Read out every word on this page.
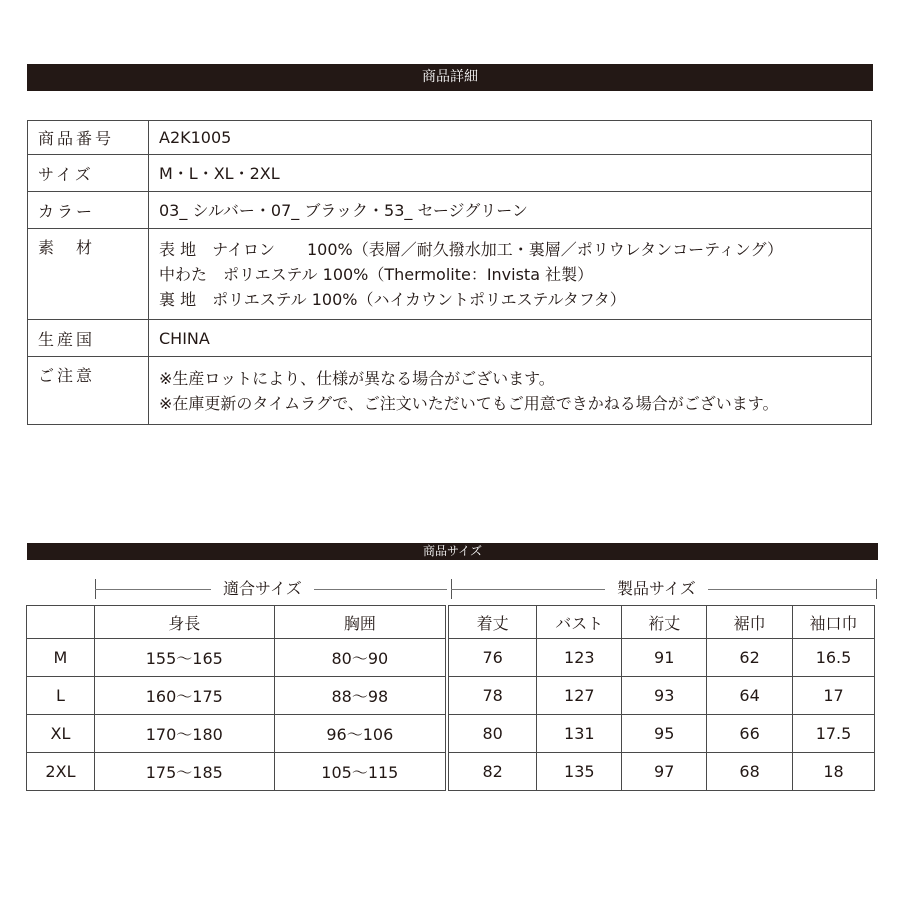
商品詳細
商品番号	A2K1005

サイズ	M・L・XL・2XL

カラー	03_ シルバー・07_ ブラック・53_ セージグリーン

素　材	表 地　ナイロン　　100%（表層／耐久撥水加工・裏層／ポリウレタンコーティング）
中わた　ポリエステル 100%（Thermolite：Invista 社製）
裏 地　ポリエステル 100%（ハイカウントポリエステルタフタ）

生産国	CHINA

ご注意	※生産ロットにより、仕様が異なる場合がございます。
※在庫更新のタイムラグで、ご注文いただいてもご用意できかねる場合がございます。
商品サイズ
適合サイズ	製品サイズ
	身長	胸囲	着丈	バスト	裄丈	裾巾	袖口巾
M	155〜165	80〜90	76	123	91	62	16.5
L	160〜175	88〜98	78	127	93	64	17
XL	170〜180	96〜106	80	131	95	66	17.5
2XL	175〜185	105〜115	82	135	97	68	18
